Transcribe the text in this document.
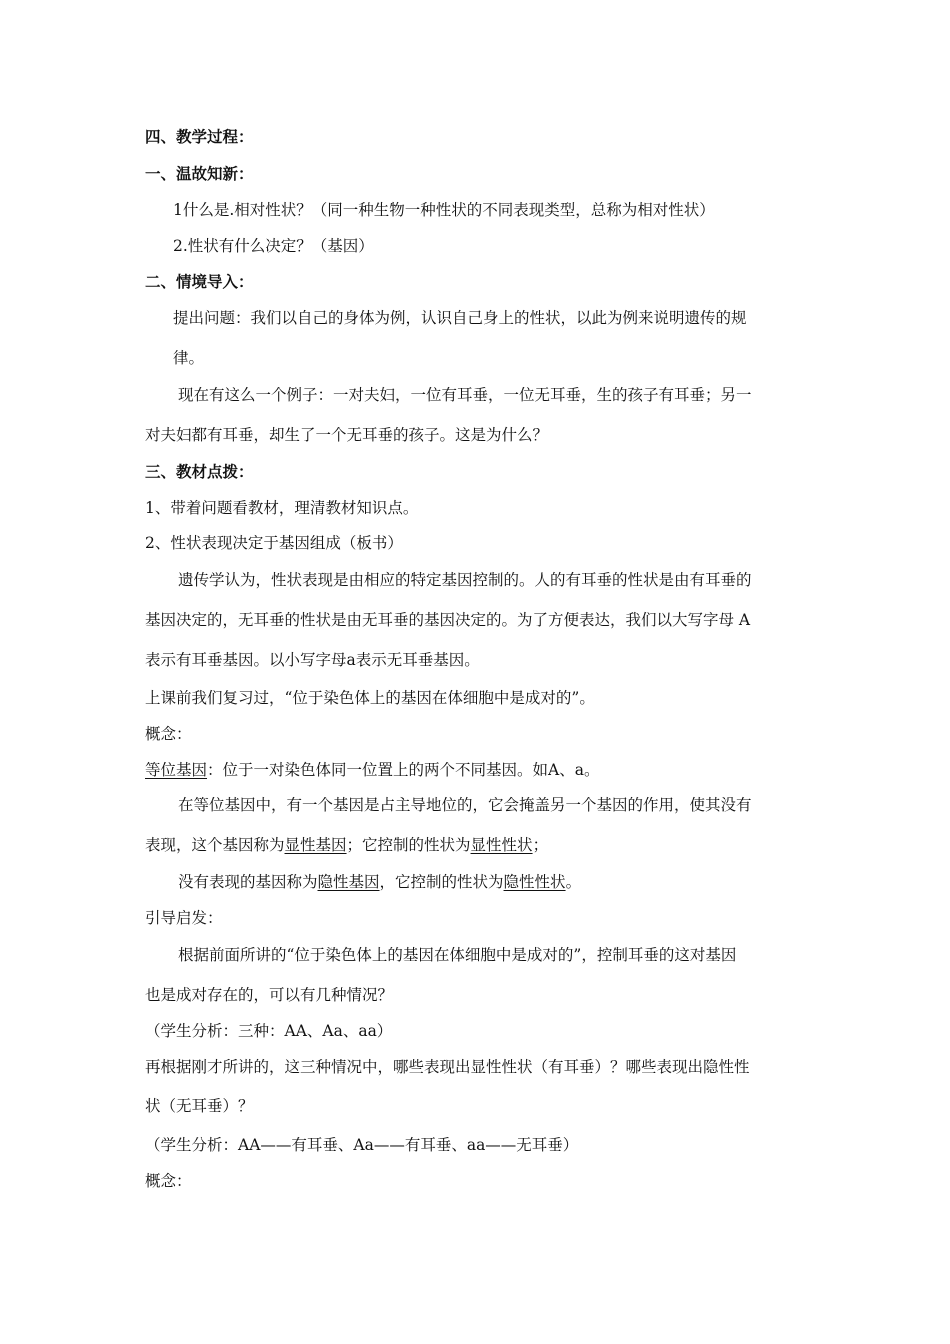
四、教学过程：
一、温故知新：
1什么是.相对性状？（同一种生物一种性状的不同表现类型，总称为相对性状）
2.性状有什么决定？（基因）
二、情境导入：
提出问题：我们以自己的身体为例，认识自己身上的性状，以此为例来说明遗传的规
律。
现在有这么一个例子：一对夫妇，一位有耳垂，一位无耳垂，生的孩子有耳垂；另一
对夫妇都有耳垂，却生了一个无耳垂的孩子。这是为什么？
三、教材点拨：
1、带着问题看教材，理清教材知识点。
2、性状表现决定于基因组成（板书）
遗传学认为，性状表现是由相应的特定基因控制的。人的有耳垂的性状是由有耳垂的
基因决定的，无耳垂的性状是由无耳垂的基因决定的。为了方便表达，我们以大写字母 A
表示有耳垂基因。以小写字母a表示无耳垂基因。
上课前我们复习过，“位于染色体上的基因在体细胞中是成对的”。
概念：
等位基因：位于一对染色体同一位置上的两个不同基因。如A、a。
在等位基因中，有一个基因是占主导地位的，它会掩盖另一个基因的作用，使其没有
表现，这个基因称为显性基因；它控制的性状为显性性状；
没有表现的基因称为隐性基因，它控制的性状为隐性性状。
引导启发：
根据前面所讲的“位于染色体上的基因在体细胞中是成对的”，控制耳垂的这对基因
也是成对存在的，可以有几种情况？
（学生分析：三种：AA、Aa、aa）
再根据刚才所讲的，这三种情况中，哪些表现出显性性状（有耳垂）？哪些表现出隐性性
状（无耳垂）？
（学生分析：AA——有耳垂、Aa——有耳垂、aa——无耳垂）
概念：
